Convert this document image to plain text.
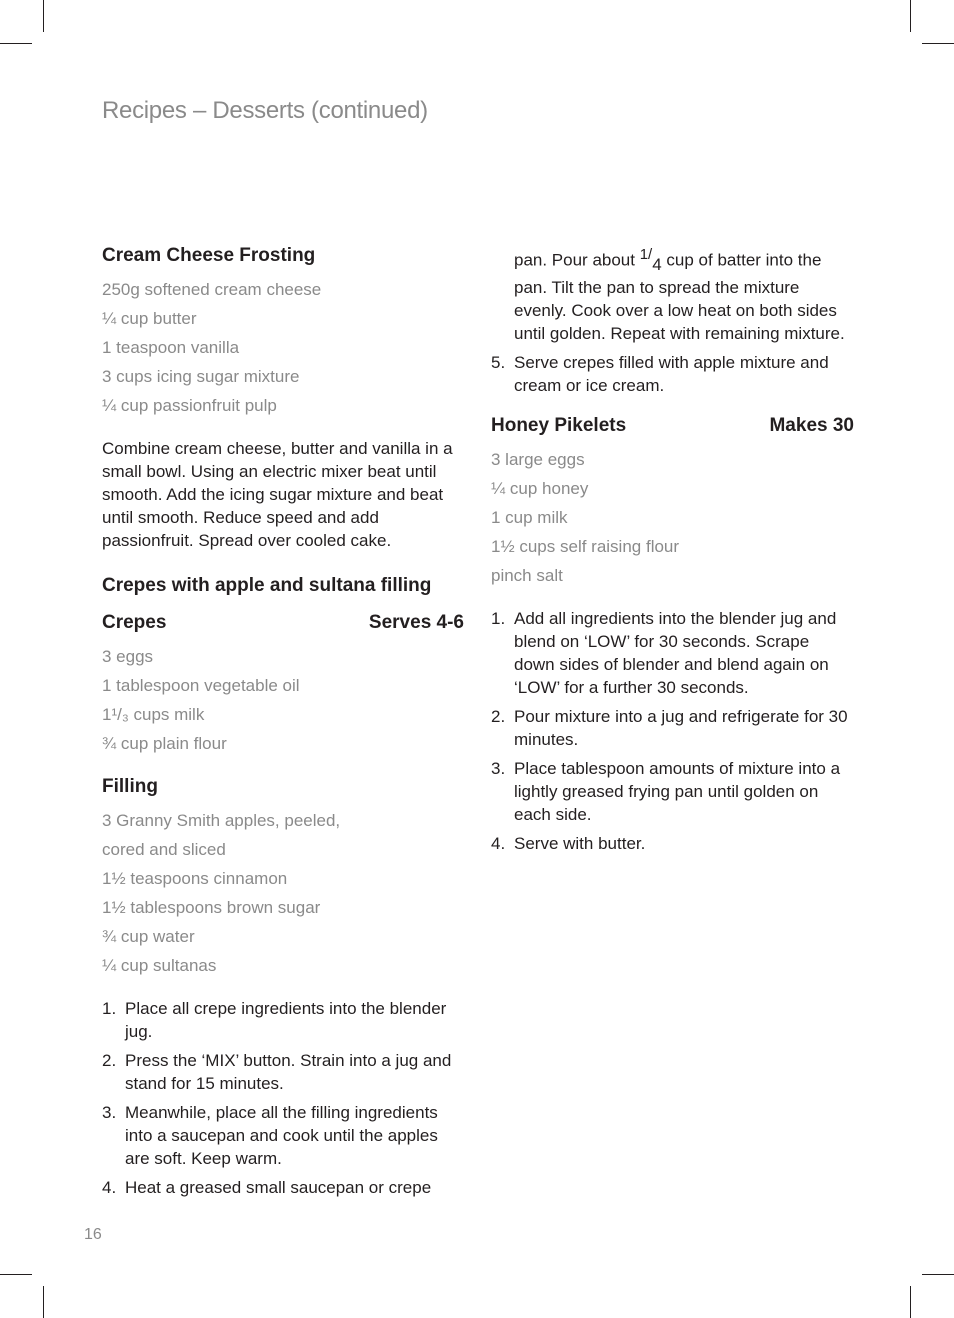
Recipes – Desserts (continued)
Cream Cheese Frosting
250g softened cream cheese
¼ cup butter
1 teaspoon vanilla
3 cups icing sugar mixture
¼ cup passionfruit pulp

Combine cream cheese, butter and vanilla in a small bowl. Using an electric mixer beat until smooth. Add the icing sugar mixture and beat until smooth. Reduce speed and add passionfruit. Spread over cooled cake.

Crepes with apple and sultana filling
Crepes	Serves 4-6
3 eggs
1 tablespoon vegetable oil
1¹/₃ cups milk
¾ cup plain flour
Filling
3 Granny Smith apples, peeled,
cored and sliced
1½ teaspoons cinnamon
1½ tablespoons brown sugar
¾ cup water
¼ cup sultanas
1. Place all crepe ingredients into the blender jug.
2. Press the ‘MIX’ button. Strain into a jug and stand for 15 minutes.
3. Meanwhile, place all the filling ingredients into a saucepan and cook until the apples are soft. Keep warm.
4. Heat a greased small saucepan or crepe

pan. Pour about $^{1/}_4$ cup of batter into the pan. Tilt the pan to spread the mixture evenly. Cook over a low heat on both sides until golden. Repeat with remaining mixture.

5. Serve crepes filled with apple mixture and cream or ice cream.
Honey Pikelets	Makes 30
3 large eggs
¼ cup honey
1 cup milk
1½ cups self raising flour
pinch salt
1. Add all ingredients into the blender jug and blend on ‘LOW’ for 30 seconds. Scrape down sides of blender and blend again on ‘LOW’ for a further 30 seconds.
2. Pour mixture into a jug and refrigerate for 30 minutes.
3. Place tablespoon amounts of mixture into a lightly greased frying pan until golden on each side.
4. Serve with butter.
16
